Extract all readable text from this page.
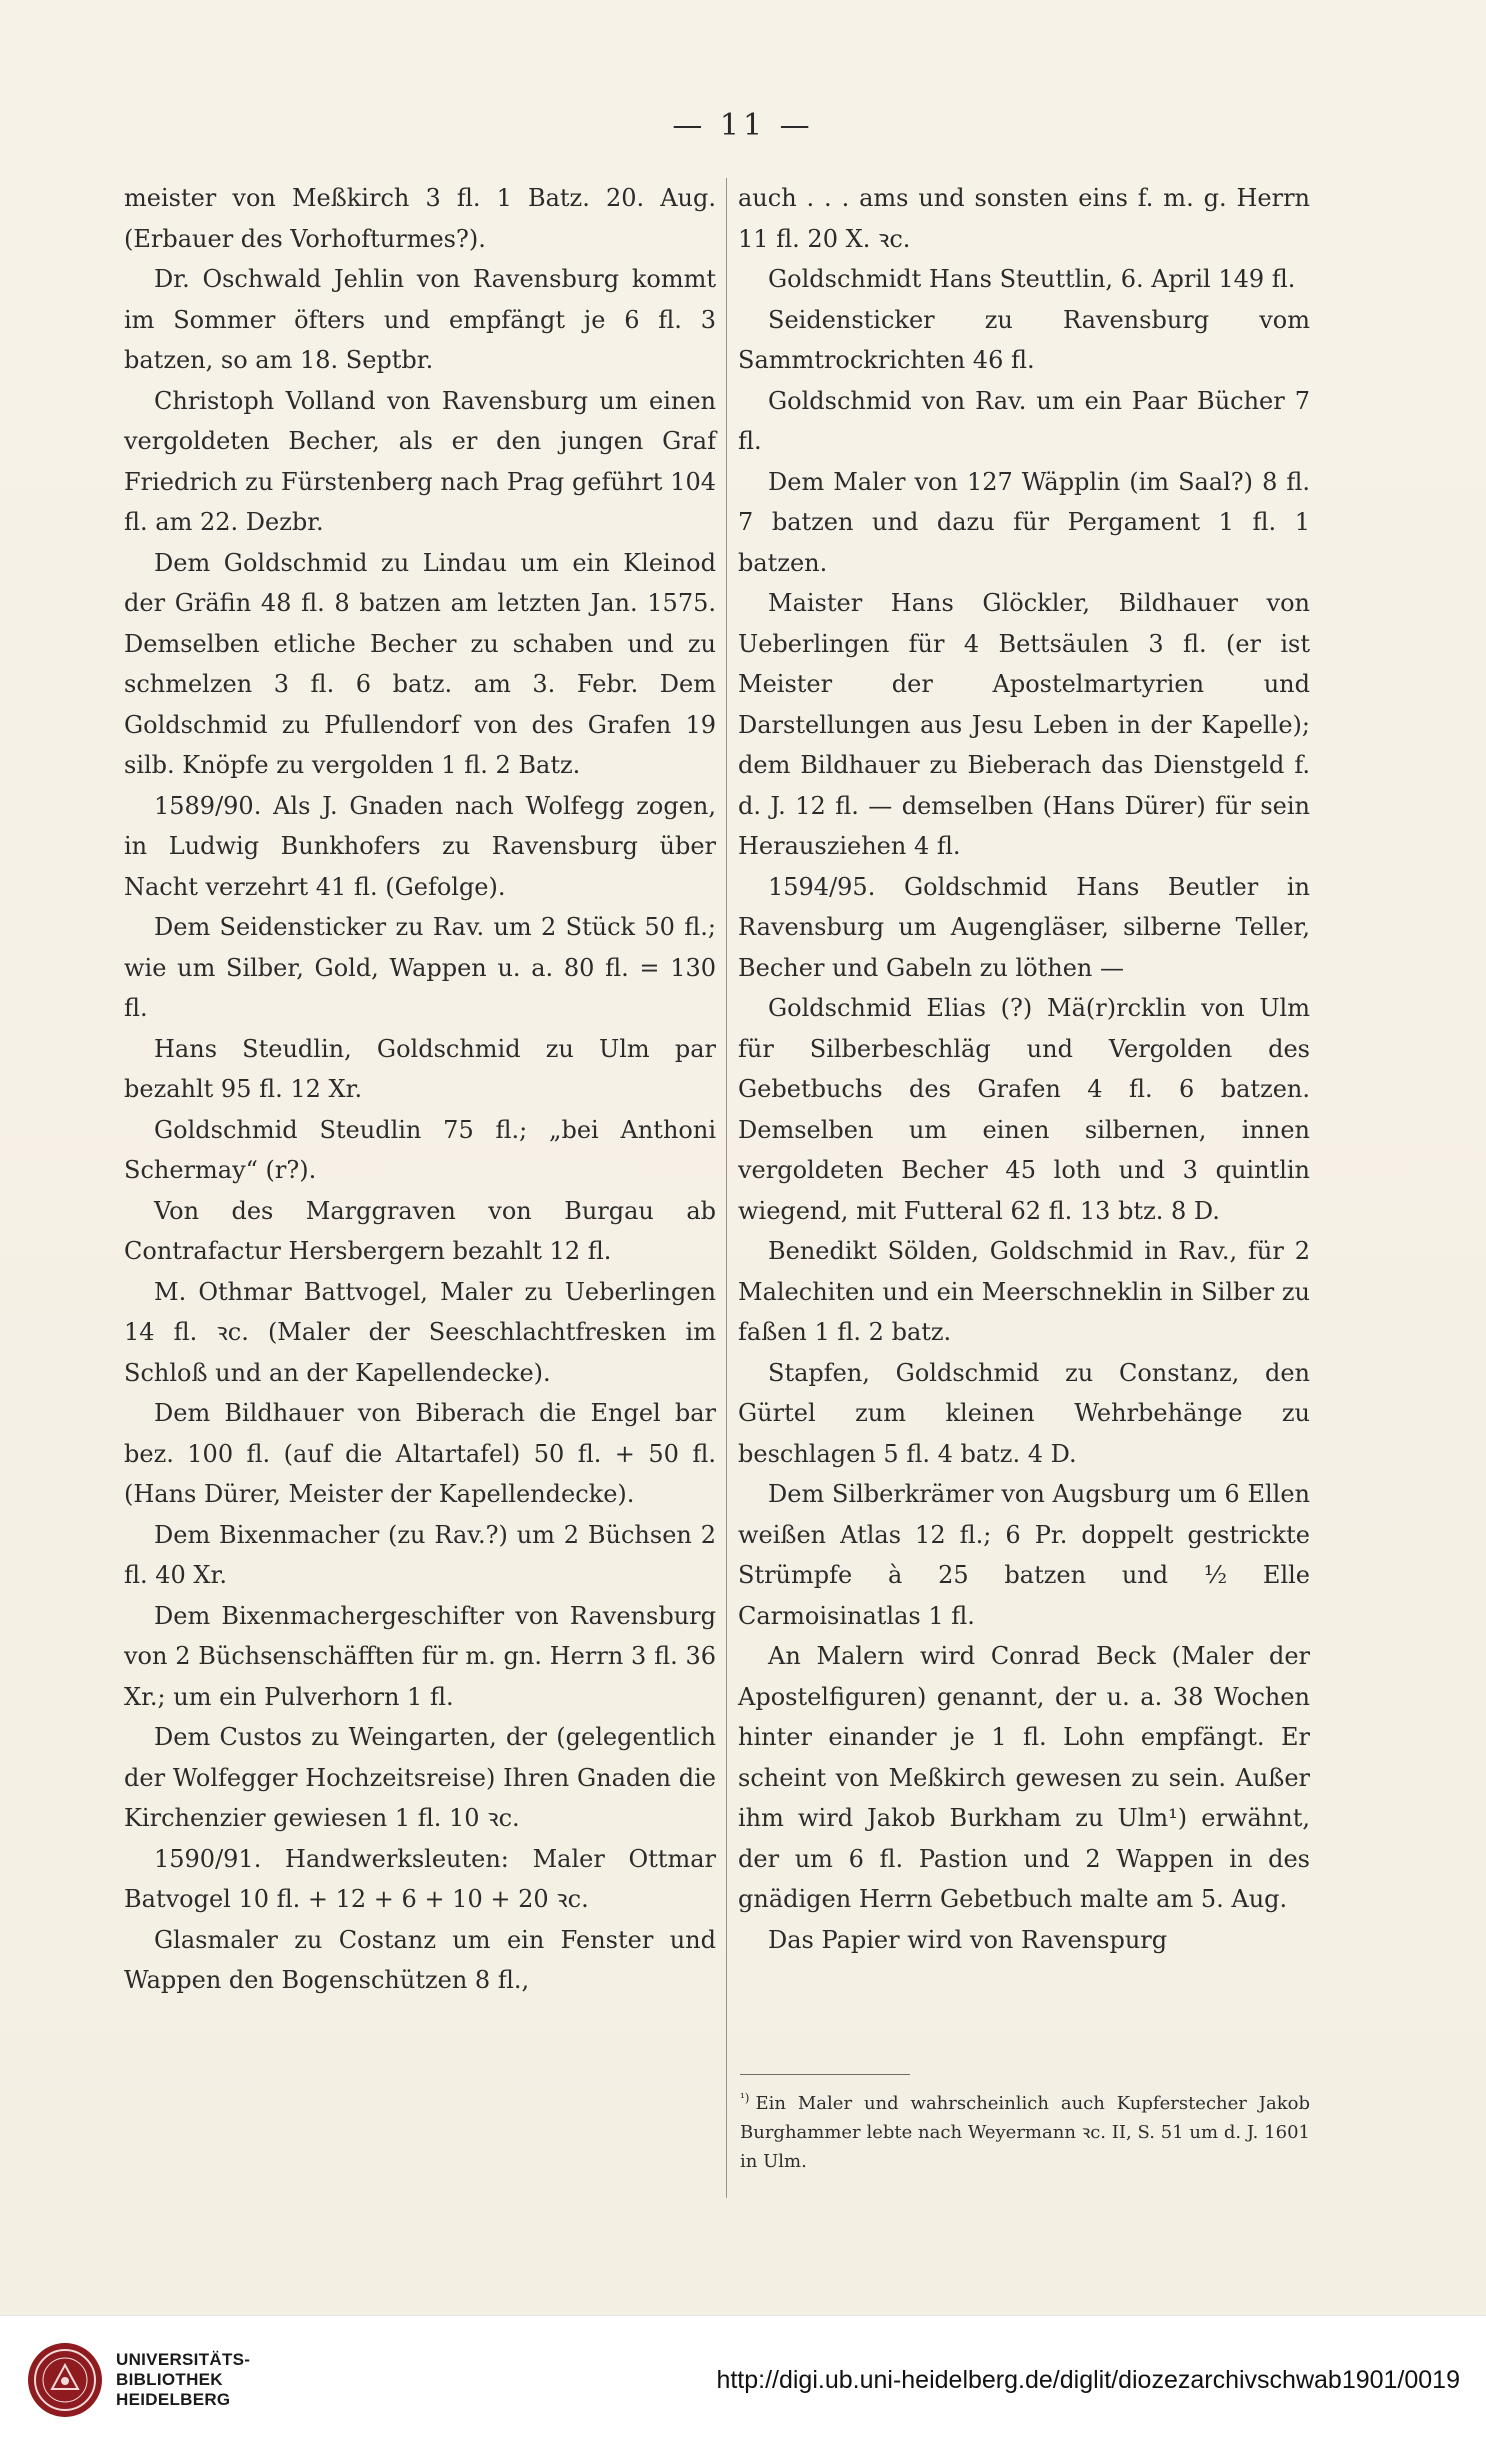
— 11 —

meister von Meßkirch 3 fl. 1 Batz. 20. Aug. (Erbauer des Vorhofturmes?).

Dr. Oschwald Jehlin von Ravensburg kommt im Sommer öfters und empfängt je 6 fl. 3 batzen, so am 18. Septbr.

Christoph Volland von Ravensburg um einen vergoldeten Becher, als er den jungen Graf Friedrich zu Fürstenberg nach Prag geführt 104 fl. am 22. Dezbr.

Dem Goldschmid zu Lindau um ein Kleinod der Gräfin 48 fl. 8 batzen am letzten Jan. 1575. Demselben etliche Becher zu schaben und zu schmelzen 3 fl. 6 batz. am 3. Febr. Dem Goldschmid zu Pfullendorf von des Grafen 19 silb. Knöpfe zu vergolden 1 fl. 2 Batz.

1589/90. Als J. Gnaden nach Wolfegg zogen, in Ludwig Bunkhofers zu Ravensburg über Nacht verzehrt 41 fl. (Gefolge).

Dem Seidensticker zu Rav. um 2 Stück 50 fl.; wie um Silber, Gold, Wappen u. a. 80 fl. = 130 fl.

Hans Steudlin, Goldschmid zu Ulm par bezahlt 95 fl. 12 Xr.

Goldschmid Steudlin 75 fl.; „bei Anthoni Schermay“ (r?).

Von des Marggraven von Burgau ab Contrafactur Hersbergern bezahlt 12 fl.

M. Othmar Battvogel, Maler zu Ueberlingen 14 fl. ꝛc. (Maler der Seeschlachtfresken im Schloß und an der Kapellendecke).

Dem Bildhauer von Biberach die Engel bar bez. 100 fl. (auf die Altartafel) 50 fl. + 50 fl. (Hans Dürer, Meister der Kapellendecke).

Dem Bixenmacher (zu Rav.?) um 2 Büchsen 2 fl. 40 Xr.

Dem Bixenmachergeschifter von Ravensburg von 2 Büchsenschäfften für m. gn. Herrn 3 fl. 36 Xr.; um ein Pulverhorn 1 fl.

Dem Custos zu Weingarten, der (gelegentlich der Wolfegger Hochzeitsreise) Ihren Gnaden die Kirchenzier gewiesen 1 fl. 10 ꝛc.

1590/91. Handwerksleuten: Maler Ottmar Batvogel 10 fl. + 12 + 6 + 10 + 20 ꝛc.

Glasmaler zu Costanz um ein Fenster und Wappen den Bogenschützen 8 fl.,

auch . . . ams und sonsten eins f. m. g. Herrn 11 fl. 20 X. ꝛc.

Goldschmidt Hans Steuttlin, 6. April 149 fl.

Seidensticker zu Ravensburg vom Sammtrockrichten 46 fl.

Goldschmid von Rav. um ein Paar Bücher 7 fl.

Dem Maler von 127 Wäpplin (im Saal?) 8 fl. 7 batzen und dazu für Pergament 1 fl. 1 batzen.

Maister Hans Glöckler, Bildhauer von Ueberlingen für 4 Bettsäulen 3 fl. (er ist Meister der Apostelmartyrien und Darstellungen aus Jesu Leben in der Kapelle); dem Bildhauer zu Bieberach das Dienstgeld f. d. J. 12 fl. — demselben (Hans Dürer) für sein Herausziehen 4 fl.

1594/95. Goldschmid Hans Beutler in Ravensburg um Augengläser, silberne Teller, Becher und Gabeln zu löthen —

Goldschmid Elias (?) Mä(r)rcklin von Ulm für Silberbeschläg und Vergolden des Gebetbuchs des Grafen 4 fl. 6 batzen. Demselben um einen silbernen, innen vergoldeten Becher 45 loth und 3 quintlin wiegend, mit Futteral 62 fl. 13 btz. 8 D.

Benedikt Sölden, Goldschmid in Rav., für 2 Malechiten und ein Meerschneklin in Silber zu faßen 1 fl. 2 batz.

Stapfen, Goldschmid zu Constanz, den Gürtel zum kleinen Wehrbehänge zu beschlagen 5 fl. 4 batz. 4 D.

Dem Silberkrämer von Augsburg um 6 Ellen weißen Atlas 12 fl.; 6 Pr. doppelt gestrickte Strümpfe à 25 batzen und ½ Elle Carmoisinatlas 1 fl.

An Malern wird Conrad Beck (Maler der Apostelfiguren) genannt, der u. a. 38 Wochen hinter einander je 1 fl. Lohn empfängt. Er scheint von Meßkirch gewesen zu sein. Außer ihm wird Jakob Burkham zu Ulm¹) erwähnt, der um 6 fl. Pastion und 2 Wappen in des gnädigen Herrn Gebetbuch malte am 5. Aug.

Das Papier wird von Ravenspurg

$^{^1)}$ Ein Maler und wahrscheinlich auch Kupferstecher Jakob Burghammer lebte nach Weyermann ꝛc. II, S. 51 um d. J. 1601 in Ulm.
UNIVERSITÄTS-
BIBLIOTHEK
HEIDELBERG
http://digi.ub.uni-heidelberg.de/diglit/diozezarchivschwab1901/0019
